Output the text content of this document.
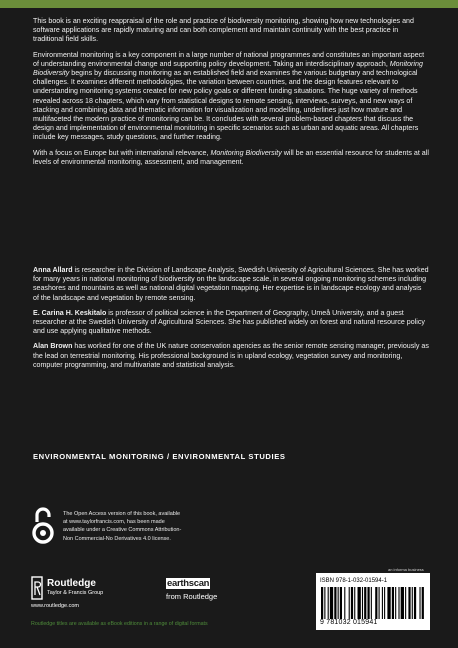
This book is an exciting reappraisal of the role and practice of biodiversity monitoring, showing how new technologies and software applications are rapidly maturing and can both complement and maintain continuity with the best practice in traditional field skills.

Environmental monitoring is a key component in a large number of national programmes and constitutes an important aspect of understanding environmental change and supporting policy development. Taking an interdisciplinary approach, Monitoring Biodiversity begins by discussing monitoring as an established field and examines the various budgetary and technological challenges. It examines different methodologies, the variation between countries, and the design features relevant to understanding monitoring systems created for new policy goals or different funding situations. The huge variety of methods revealed across 18 chapters, which vary from statistical designs to remote sensing, interviews, surveys, and new ways of stacking and combining data and thematic information for visualization and modelling, underlines just how mature and multifaceted the modern practice of monitoring can be. It concludes with several problem-based chapters that discuss the design and implementation of environmental monitoring in specific scenarios such as urban and aquatic areas. All chapters include key messages, study questions, and further reading.

With a focus on Europe but with international relevance, Monitoring Biodiversity will be an essential resource for students at all levels of environmental monitoring, assessment, and management.

Anna Allard is researcher in the Division of Landscape Analysis, Swedish University of Agricultural Sciences. She has worked for many years in national monitoring of biodiversity on the landscape scale, in several ongoing monitoring schemes including seashores and mountains as well as national digital vegetation mapping. Her expertise is in landscape ecology and analysis of the landscape and vegetation by remote sensing.

E. Carina H. Keskitalo is professor of political science in the Department of Geography, Umeå University, and a guest researcher at the Swedish University of Agricultural Sciences. She has published widely on forest and natural resource policy and use applying qualitative methods.

Alan Brown has worked for one of the UK nature conservation agencies as the senior remote sensing manager, previously as the lead on terrestrial monitoring. His professional background is in upland ecology, vegetation survey and monitoring, computer programming, and multivariate and statistical analysis.

ENVIRONMENTAL MONITORING / ENVIRONMENTAL STUDIES
The Open Access version of this book, available
at www.taylorfrancis.com, has been made
available under a Creative Commons Attribution-
Non Commercial-No Derivatives 4.0 license.
Routledge
Taylor & Francis Group
www.routledge.com
earthscan
from Routledge
an informa business
ISBN 978-1-032-01594-1
9 781032 015941
Routledge titles are available as eBook editions in a range of digital formats
